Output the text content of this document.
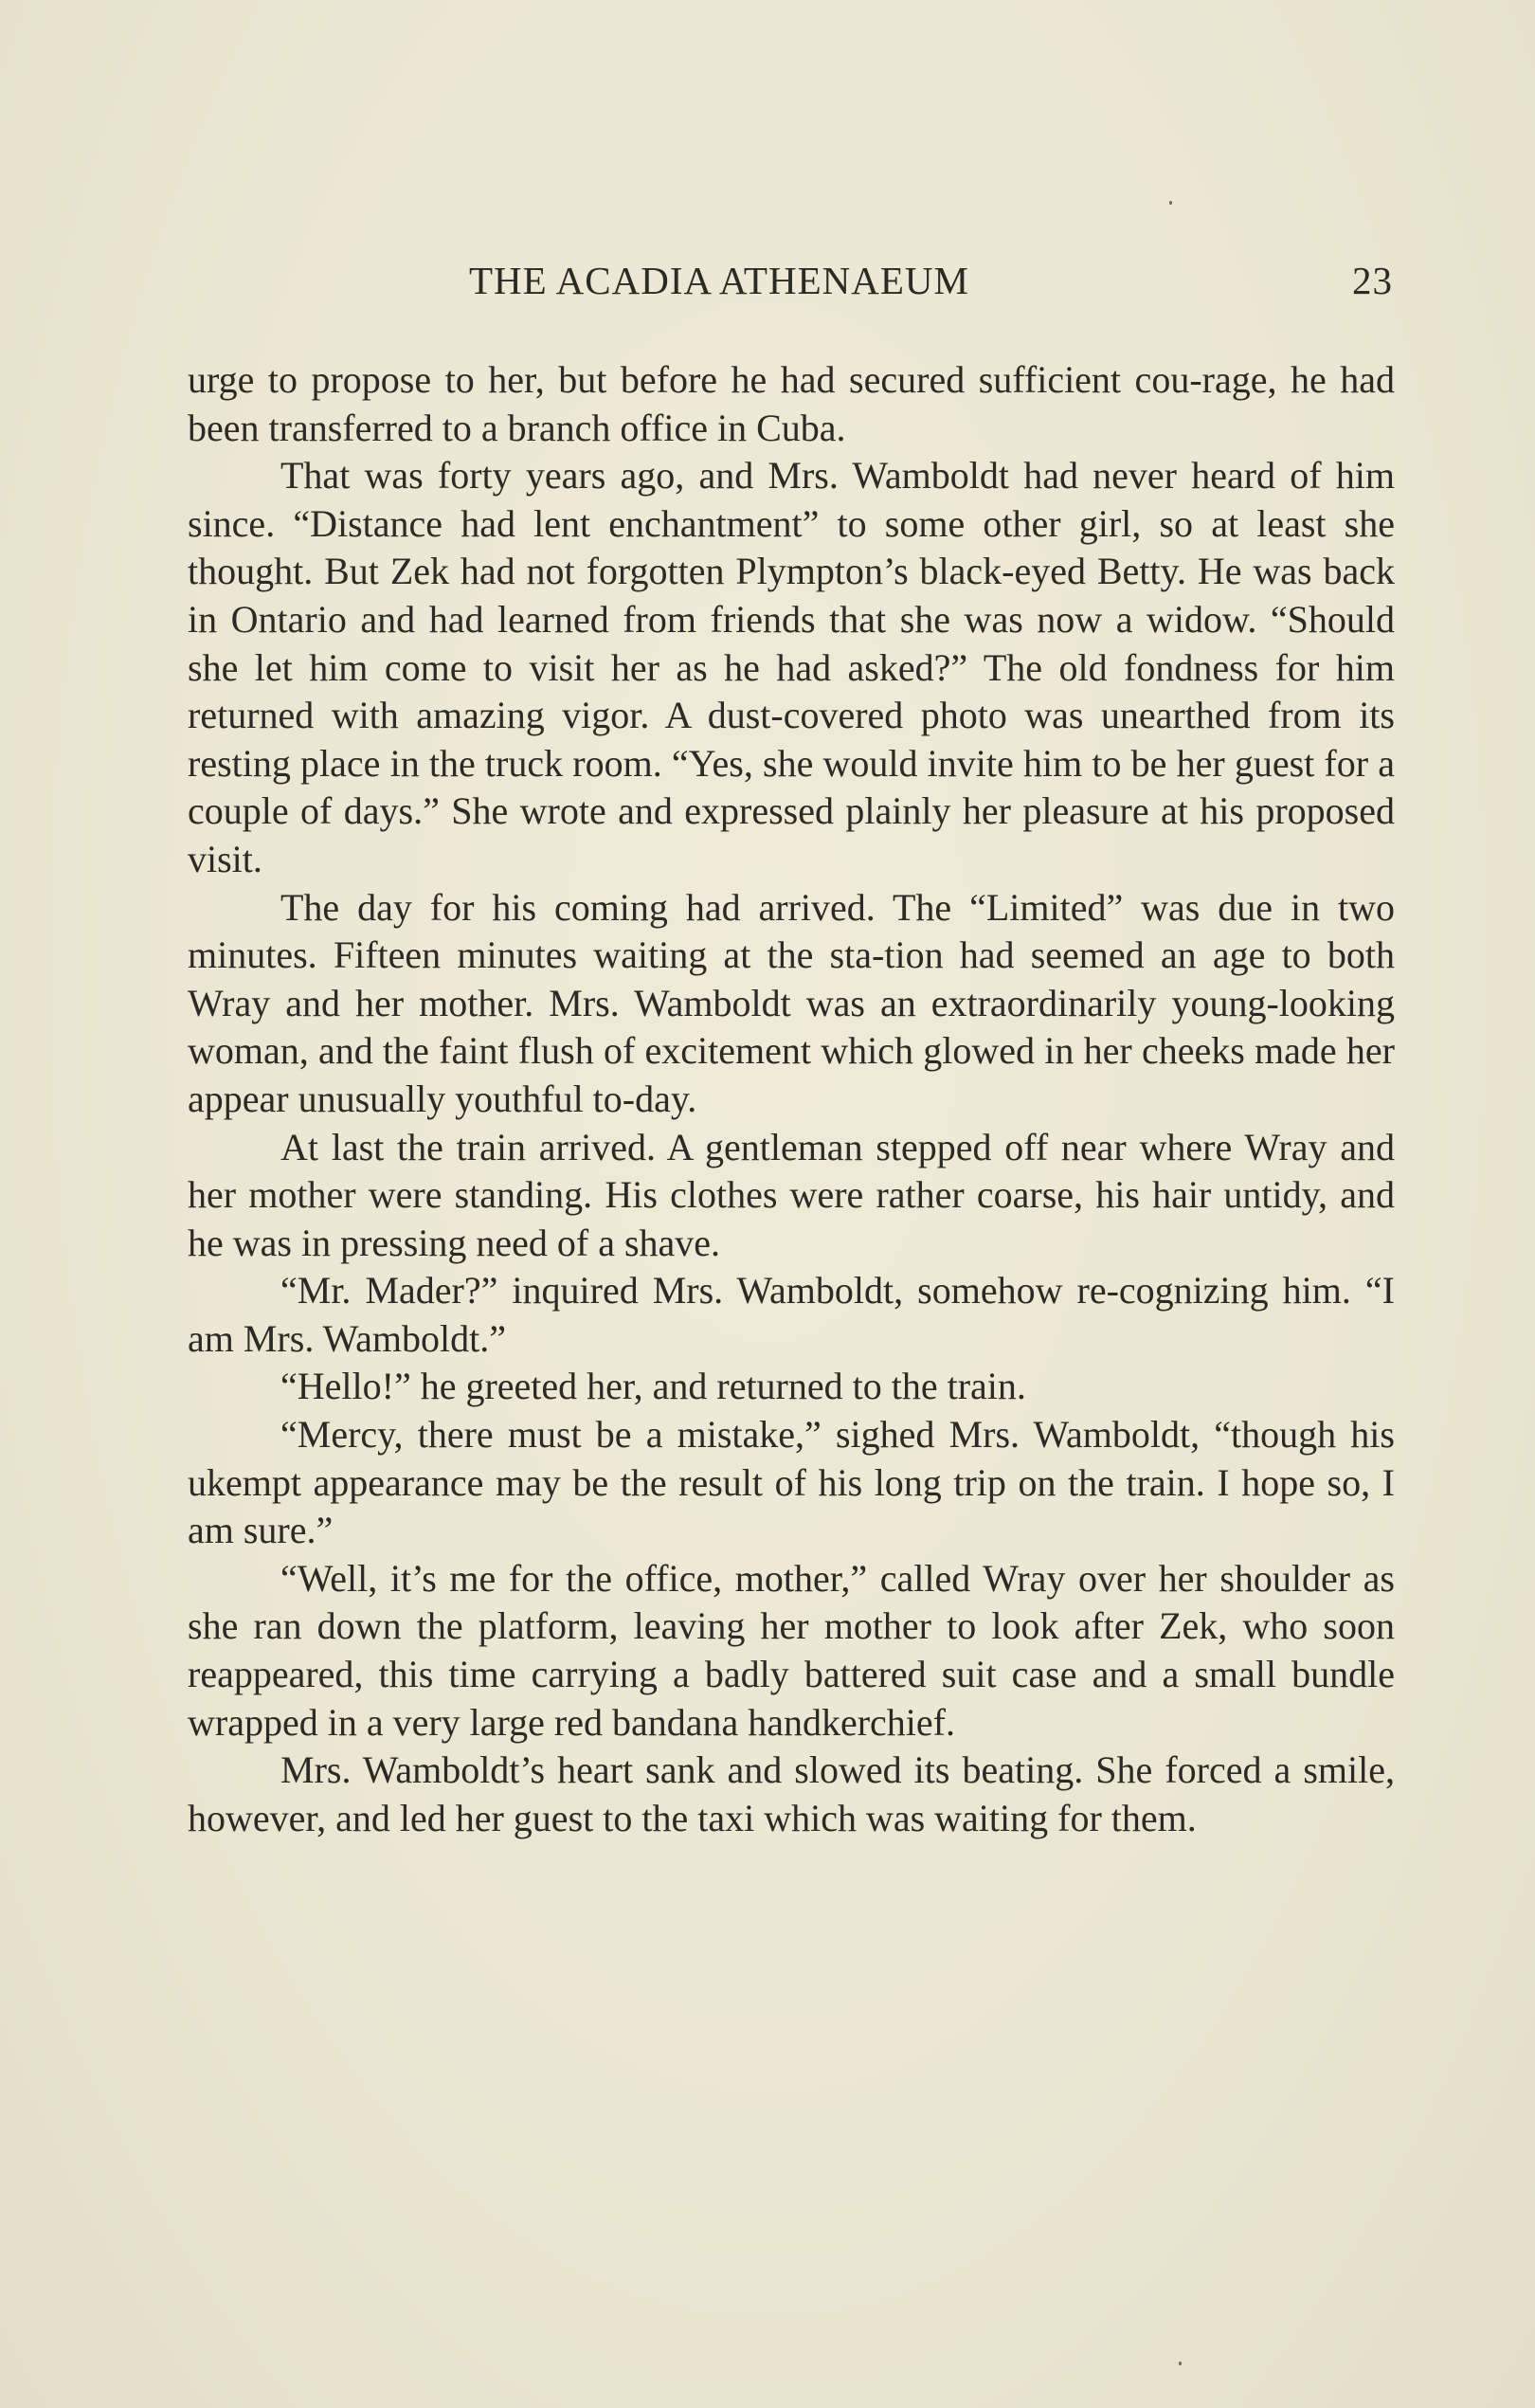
THE ACADIA ATHENAEUM	23

urge to propose to her, but before he had secured sufficient cou-rage, he had been transferred to a branch office in Cuba.

That was forty years ago, and Mrs. Wamboldt had never heard of him since. “Distance had lent enchantment” to some other girl, so at least she thought. But Zek had not forgotten Plympton’s black-eyed Betty. He was back in Ontario and had learned from friends that she was now a widow. “Should she let him come to visit her as he had asked?” The old fondness for him returned with amazing vigor. A dust-covered photo was unearthed from its resting place in the truck room. “Yes, she would invite him to be her guest for a couple of days.” She wrote and expressed plainly her pleasure at his proposed visit.

The day for his coming had arrived. The “Limited” was due in two minutes. Fifteen minutes waiting at the sta-tion had seemed an age to both Wray and her mother. Mrs. Wamboldt was an extraordinarily young-looking woman, and the faint flush of excitement which glowed in her cheeks made her appear unusually youthful to-day.

At last the train arrived. A gentleman stepped off near where Wray and her mother were standing. His clothes were rather coarse, his hair untidy, and he was in pressing need of a shave.

“Mr. Mader?” inquired Mrs. Wamboldt, somehow re-cognizing him. “I am Mrs. Wamboldt.”

“Hello!” he greeted her, and returned to the train.

“Mercy, there must be a mistake,” sighed Mrs. Wamboldt, “though his ukempt appearance may be the result of his long trip on the train. I hope so, I am sure.”

“Well, it’s me for the office, mother,” called Wray over her shoulder as she ran down the platform, leaving her mother to look after Zek, who soon reappeared, this time carrying a badly battered suit case and a small bundle wrapped in a very large red bandana handkerchief.

Mrs. Wamboldt’s heart sank and slowed its beating. She forced a smile, however, and led her guest to the taxi which was waiting for them.
